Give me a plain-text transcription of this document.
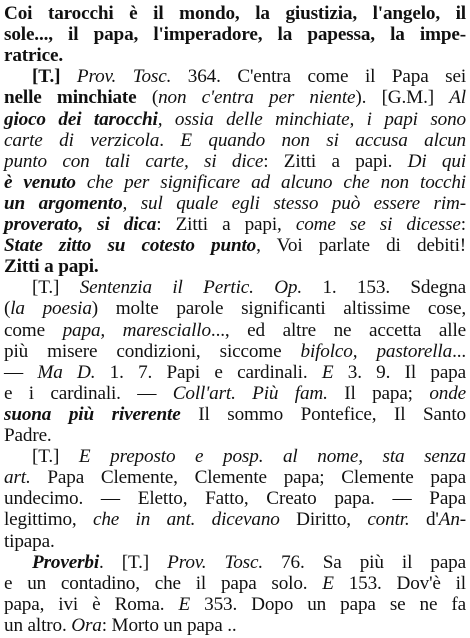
Coi tarocchi è il mondo, la giustizia, l'angelo, il
sole..., il papa, l'imperadore, la papessa, la impe-
ratrice.
[T.] Prov. Tosc. 364. C'entra come il Papa sei
nelle minchiate (non c'entra per niente). [G.M.] Al
gioco dei tarocchi, ossia delle minchiate, i papi sono
carte di verzicola. E quando non si accusa alcun
punto con tali carte, si dice: Zitti a papi. Di qui
è venuto che per significare ad alcuno che non tocchi
un argomento, sul quale egli stesso può essere rim-
proverato, si dica: Zitti a papi, come se si dicesse:
State zitto su cotesto punto, Voi parlate di debiti!
Zitti a papi.
[T.] Sentenzia il Pertic. Op. 1. 153. Sdegna
(la poesia) molte parole significanti altissime cose,
come papa, maresciallo..., ed altre ne accetta alle
più misere condizioni, siccome bifolco, pastorella...
— Ma D. 1. 7. Papi e cardinali. E 3. 9. Il papa
e i cardinali. — Coll'art. Più fam. Il papa; onde
suona più riverente Il sommo Pontefice, Il Santo
Padre.
[T.] E preposto e posp. al nome, sta senza
art. Papa Clemente, Clemente papa; Clemente papa
undecimo. — Eletto, Fatto, Creato papa. — Papa
legittimo, che in ant. dicevano Diritto, contr. d'An-
tipapa.
Proverbi. [T.] Prov. Tosc. 76. Sa più il papa
e un contadino, che il papa solo. E 153. Dov'è il
papa, ivi è Roma. E 353. Dopo un papa se ne fa
un altro. Ora: Morto un papa ..
